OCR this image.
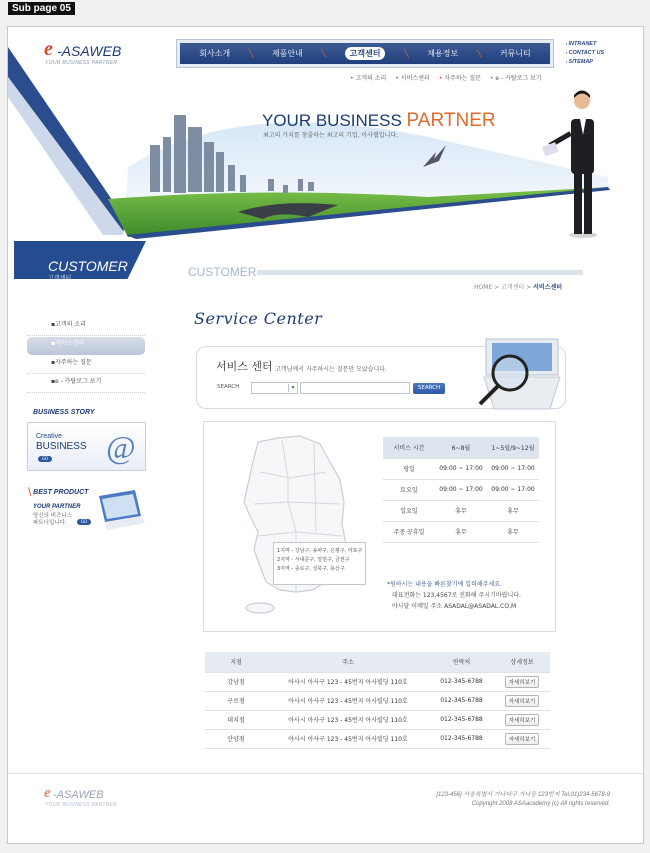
Sub page 05
e -ASAWEB
YOUR BUSINESS PARTNER
회사소개 ╲ 제품안내 ╲	고객센터	╲ 채용정보 ╲ 커뮤니티
▪ INTRANET
▪ CONTACT US
▪ SITEMAP
• 고객의 소리	• 서비스센터	• 자주하는 질문	• e - 카탈로그 보기
YOUR BUSINESS PARTNER
최고의 가치를 창출하는 최고의 기업, 아사웹입니다.
CUSTOMER
고객센터
▪ 고객의 소리
▪ 서비스센터
▪ 자주하는 질문
▪ e - 카탈로그 보기
BUSINESS STORY
Creative
BUSINESS
GO @
╲ BEST PRODUCT
YOUR PARTNER
당신의 비즈니스
파트너입니다.	GO
CUSTOMER
HOME > 고객센터 > 서비스센터
Service Center
서비스 센터 고객님께서 자주하시는 질문만 모았습니다.
SEARCH	▾	SEARCH
서비스 시간	6~8월	1~5월/9~12월
평일	09:00 ~ 17:00	09:00 ~ 17:00
토요일	09:00 ~ 17:00	09:00 ~ 17:00
일요일	휴무	휴무
주중 공휴일	휴무	휴무
1지역 - 강남구, 송파구, 은평구, 마포구
2지역 - 서대문구, 양천구, 금천구
3지역 - 종로구, 성북구, 용산구
*원하시는 내용을 빠른찾기에 입력해주세요.
대표전화는 123,4567로 전화해 주시기바랍니다.
아사달 이메일 주소 ASADAL@ASADAL.CO,M
지점	주소	연락처	상세정보
강남점	아사시 아사구 123 - 45번지 아사빌딩 110호	012-345-6788	자세히보기
구로점	아사시 아사구 123 - 45번지 아사빌딩 110호	012-345-6788	자세히보기
대치점	아사시 아사구 123 - 45번지 아사빌딩 110호	012-345-6788	자세히보기
안양점	아사시 아사구 123 - 45번지 아사빌딩 110호	012-345-6788	자세히보기
e -ASAWEB
YOUR BUSINESS PARTNER
[123-456] 서울특별시 가나다구 가나동 123번지 Tel.01)234-5678-9
Copyright 2008 ASAacademy (c) All rights reserved.
